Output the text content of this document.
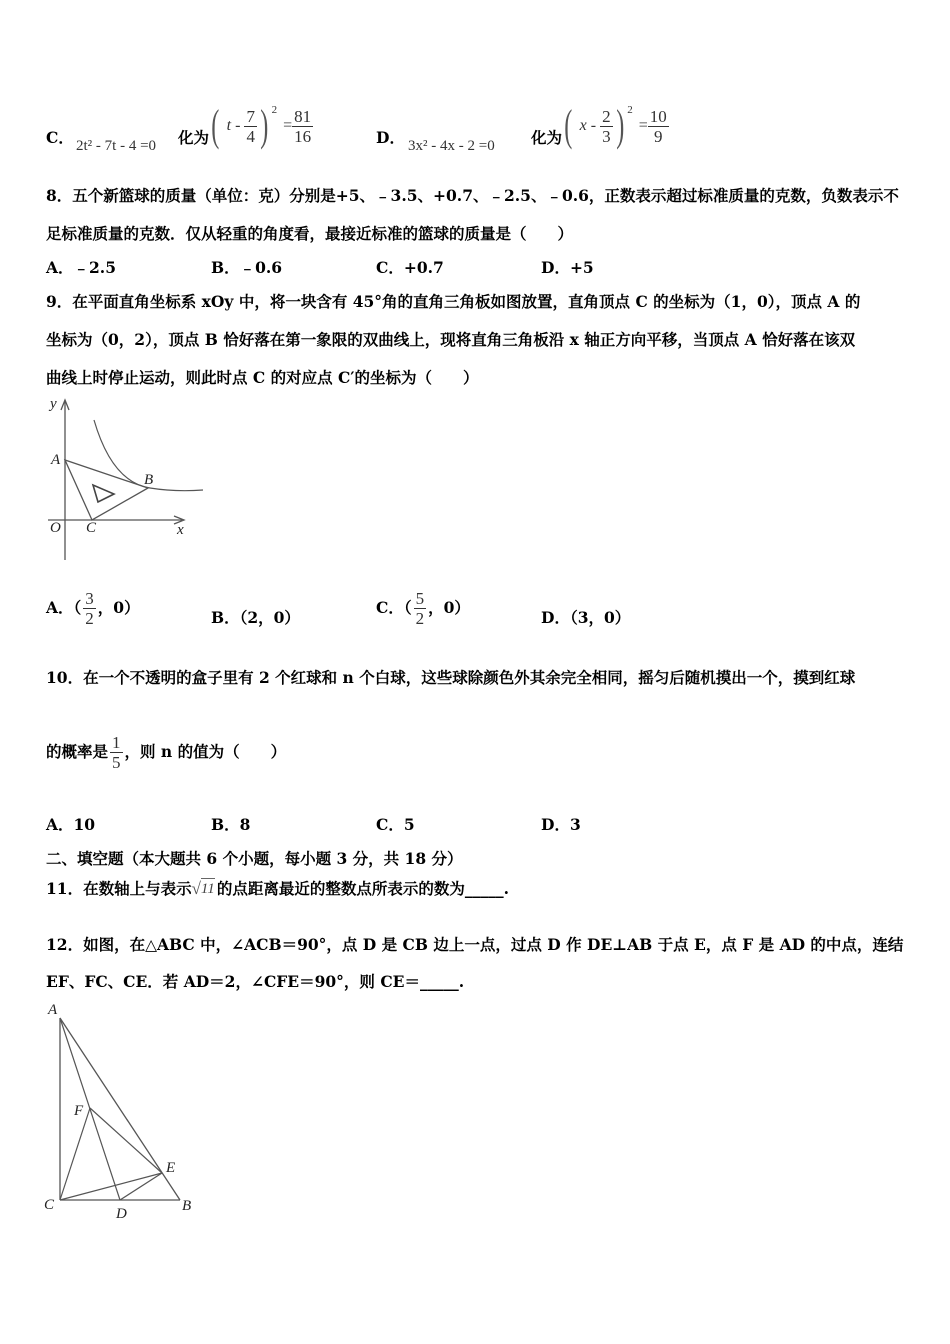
C． 2t² - 7t - 4 =0 化为 ( t - $\frac{7}{4}$ ) 2
= $\frac{81}{16}$	D． 3x² - 4x - 2 =0 化为 ( x - $\frac{2}{3}$ ) 2
= $\frac{10}{9}$
8．五个新篮球的质量（单位：克）分别是+5、﹣3.5、+0.7、﹣2.5、﹣0.6，正数表示超过标准质量的克数，负数表示不
足标准质量的克数．仅从轻重的角度看，最接近标准的篮球的质量是（　　）
A．﹣2.5	B．﹣0.6	C．+0.7	D．+5
9．在平面直角坐标系 xOy 中，将一块含有 45°角的直角三角板如图放置，直角顶点 C 的坐标为（1，0），顶点 A 的
坐标为（0，2），顶点 B 恰好落在第一象限的双曲线上，现将直角三角板沿 x 轴正方向平移，当顶点 A 恰好落在该双
曲线上时停止运动，则此时点 C 的对应点 C′的坐标为（　　）
y
A
B
O C	x
A．（ $\frac{3}{2}$ ，0）
B．（2，0）
C．（ $\frac{5}{2}$ ，0）
D．（3，0）
10．在一个不透明的盒子里有 2 个红球和 n 个白球，这些球除颜色外其余完全相同，摇匀后随机摸出一个，摸到红球
的概率是 $\frac{1}{5}$ ，则 n 的值为（　　）
A．10	B．8	C．5	D．3
二、填空题（本大题共 6 个小题，每小题 3 分，共 18 分）
11．在数轴上与表示 √ 11 的点距离最近的整数点所表示的数为_____.
12．如图，在△ABC 中，∠ACB＝90°，点 D 是 CB 边上一点，过点 D 作 DE⊥AB 于点 E，点 F 是 AD 的中点，连结
EF、FC、CE．若 AD＝2，∠CFE＝90°，则 CE＝_____.
A
F
E
C
D	B
